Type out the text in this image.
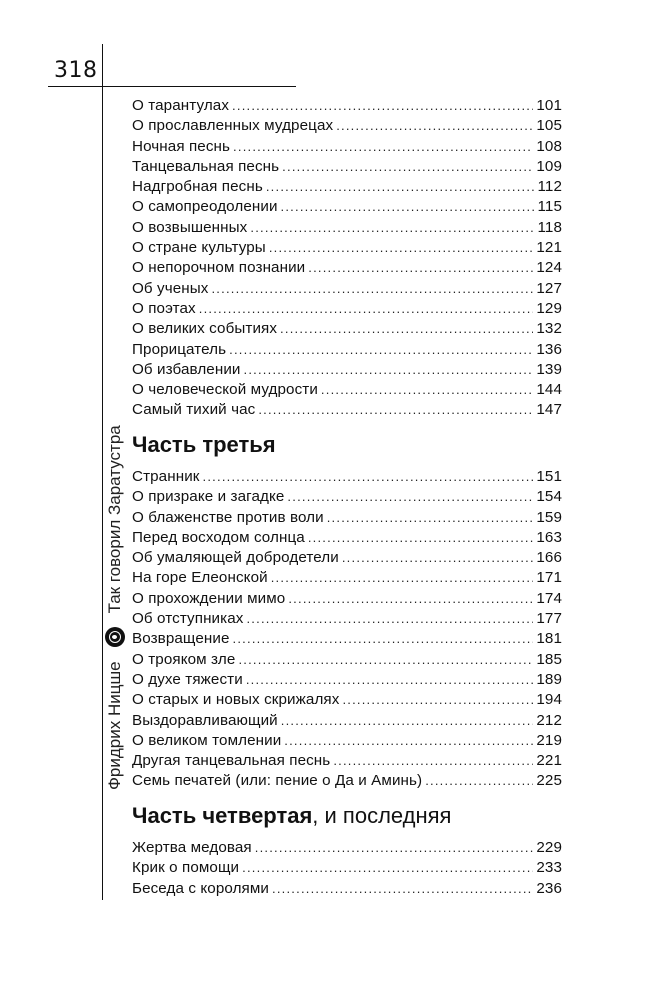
318
Фридрих Ницше
Так говорил Заратустра
О тарантулах . . .	101
О прославленных мудрецах . . .	105
Ночная песнь . . .	108
Танцевальная песнь . . .	109
Надгробная песнь . . .	112
О самопреодолении . . .	115
О возвышенных . . .	118
О стране культуры . . .	121
О непорочном познании . . .	124
Об ученых . . .	127
О поэтах . . .	129
О великих событиях . . .	132
Прорицатель . . .	136
Об избавлении . . .	139
О человеческой мудрости . . .	144
Самый тихий час . . .	147
Часть третья
Странник . . .	151
О призраке и загадке . . .	154
О блаженстве против воли . . .	159
Перед восходом солнца . . .	163
Об умаляющей добродетели . . .	166
На горе Елеонской . . .	171
О прохождении мимо . . .	174
Об отступниках . . .	177
Возвращение . . .	181
О трояком зле . . .	185
О духе тяжести . . .	189
О старых и новых скрижалях . . .	194
Выздоравливающий . . .	212
О великом томлении . . .	219
Другая танцевальная песнь . . .	221
Семь печатей (или: пение о Да и Аминь) . . .	225
Часть четвертая, и последняя
Жертва медовая . . .	229
Крик о помощи . . .	233
Беседа с королями . . .	236
